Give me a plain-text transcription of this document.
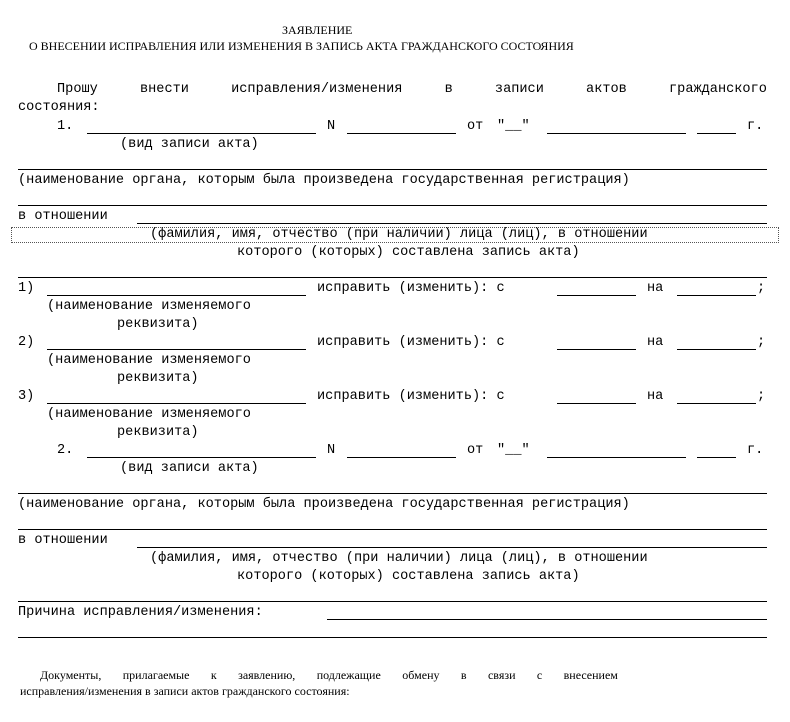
ЗАЯВЛЕНИЕ
О ВНЕСЕНИИ ИСПРАВЛЕНИЯ ИЛИ ИЗМЕНЕНИЯ В ЗАПИСЬ АКТА ГРАЖДАНСКОГО СОСТОЯНИЯ
Прошу	внести	исправления/изменения	в	записи	актов	гражданского
состояния:
1.	N	от "__"	г.
(вид записи акта)
(наименование органа, которым была произведена государственная регистрация)
в отношении
(фамилия, имя, отчество (при наличии) лица (лиц), в отношении
которого (которых) составлена запись акта)
1)	исправить (изменить): с	на	;
(наименование изменяемого
реквизита)
2)	исправить (изменить): с	на	;
(наименование изменяемого
реквизита)
3)	исправить (изменить): с	на	;
(наименование изменяемого
реквизита)
2.	N	от "__"	г.
(вид записи акта)
(наименование органа, которым была произведена государственная регистрация)
в отношении
(фамилия, имя, отчество (при наличии) лица (лиц), в отношении
которого (которых) составлена запись акта)
Причина исправления/изменения:
Документы, прилагаемые к заявлению, подлежащие обмену в связи с внесением
исправления/изменения в записи актов гражданского состояния:
